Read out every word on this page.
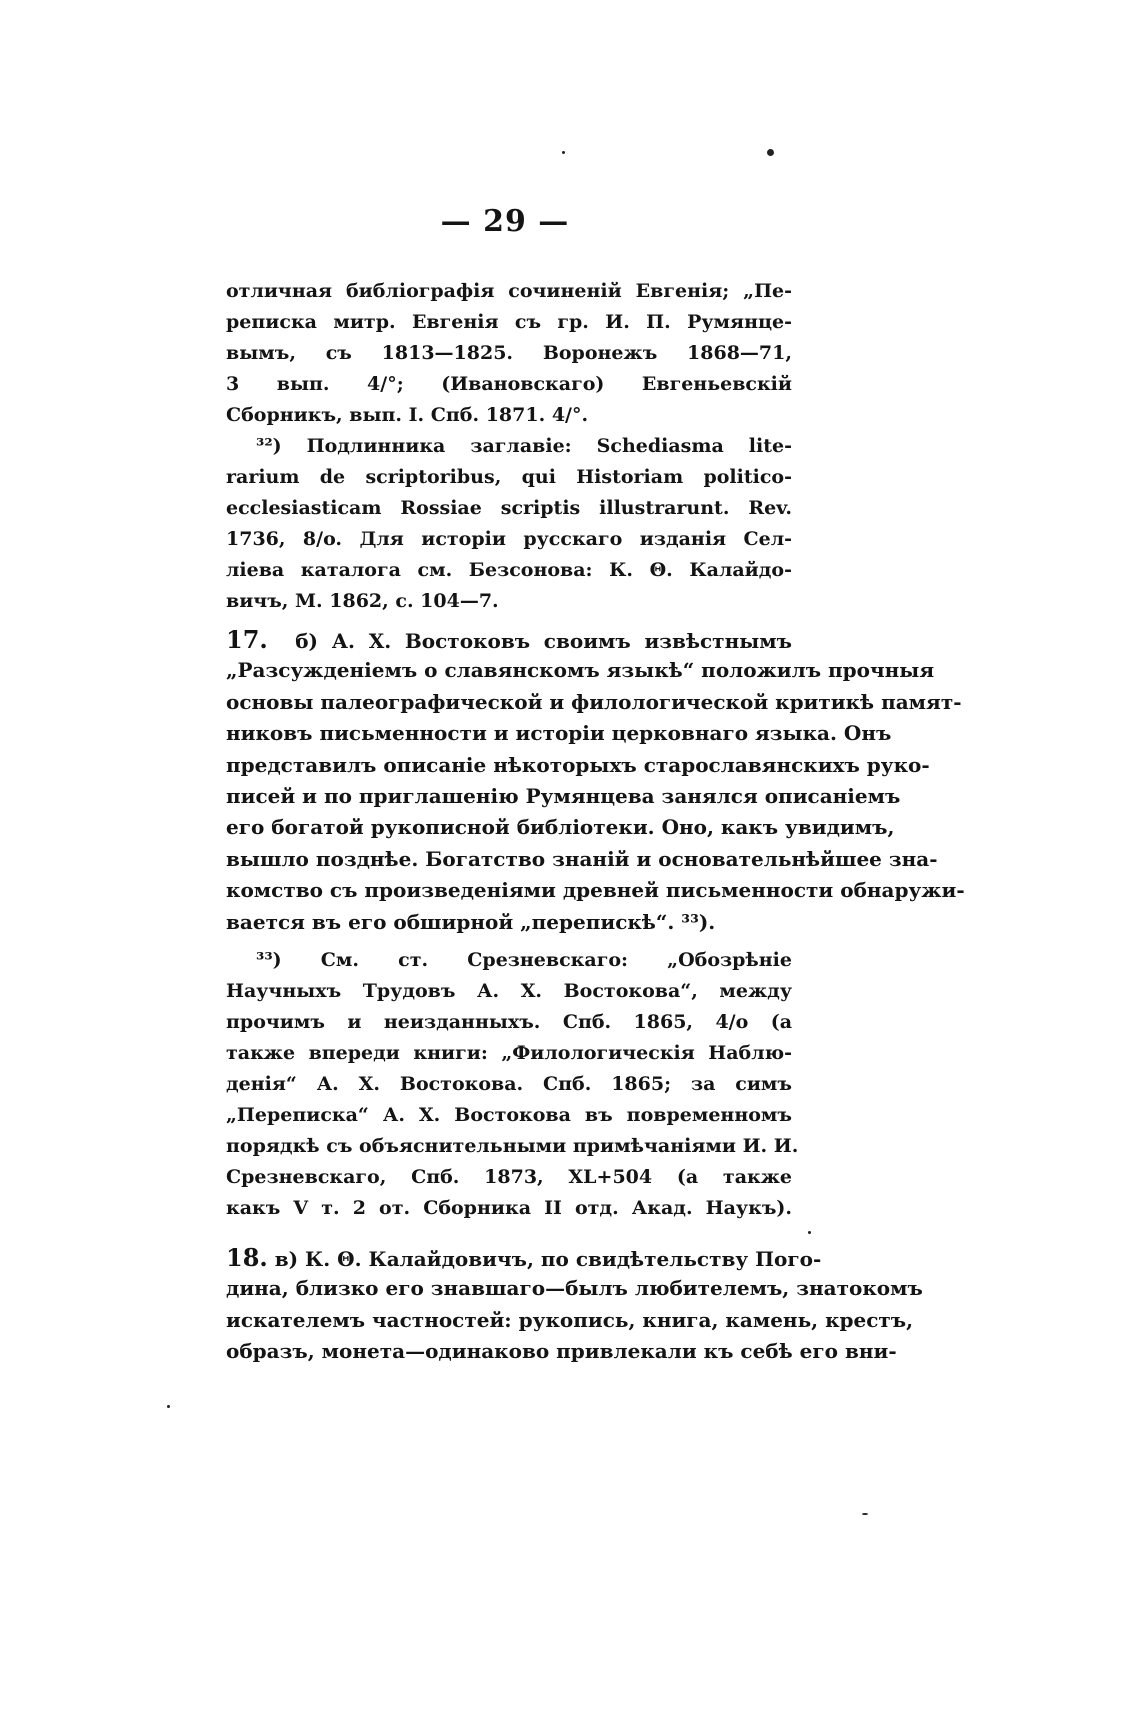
— 29 —
отличная библіографія сочиненій Евгенія; „Пе-
реписка митр. Евгенія съ гр. И. П. Румянце-
вымъ, съ 1813—1825. Воронежъ 1868—71,
3 вып. 4/°; (Ивановскаго) Евгеньевскій
Сборникъ, вып. I. Спб. 1871. 4/°.
³²) Подлинника заглавіе: Schediasma lite-
rarium de scriptoribus, qui Historiam politico-
ecclesiasticam Rossiae scriptis illustrarunt. Rev.
1736, 8/o. Для исторіи русскаго изданія Сел-
ліева каталога см. Безсонова: К. Θ. Калайдо-
вичъ, М. 1862, с. 104—7.
17. б) А. Х. Востоковъ своимъ извѣстнымъ
„Разсужденіемъ о славянскомъ языкѣ“ положилъ прочныя
основы палеографической и филологической критикѣ памят-
никовъ письменности и исторіи церковнаго языка. Онъ
представилъ описаніе нѣкоторыхъ старославянскихъ руко-
писей и по приглашенію Румянцева занялся описаніемъ
его богатой рукописной библіотеки. Оно, какъ увидимъ,
вышло позднѣе. Богатство знаній и основательнѣйшее зна-
комство съ произведеніями древней письменности обнаружи-
вается въ его обширной „перепискѣ“. ³³).
³³) См. ст. Срезневскаго: „Обозрѣніе
Научныхъ Трудовъ А. Х. Востокова“, между
прочимъ и неизданныхъ. Спб. 1865, 4/o (а
также впереди книги: „Филологическія Наблю-
денія“ А. Х. Востокова. Спб. 1865; за симъ
„Переписка“ А. Х. Востокова въ повременномъ
порядкѣ съ объяснительными примѣчаніями И. И.
Срезневскаго, Спб. 1873, XL+504 (а также
какъ V т. 2 от. Сборника II отд. Акад. Наукъ).
18. в) К. Θ. Калайдовичъ, по свидѣтельству Пого-
дина, близко его знавшаго—былъ любителемъ, знатокомъ
искателемъ частностей: рукопись, книга, камень, крестъ,
образъ, монета—одинаково привлекали къ себѣ его вни-
